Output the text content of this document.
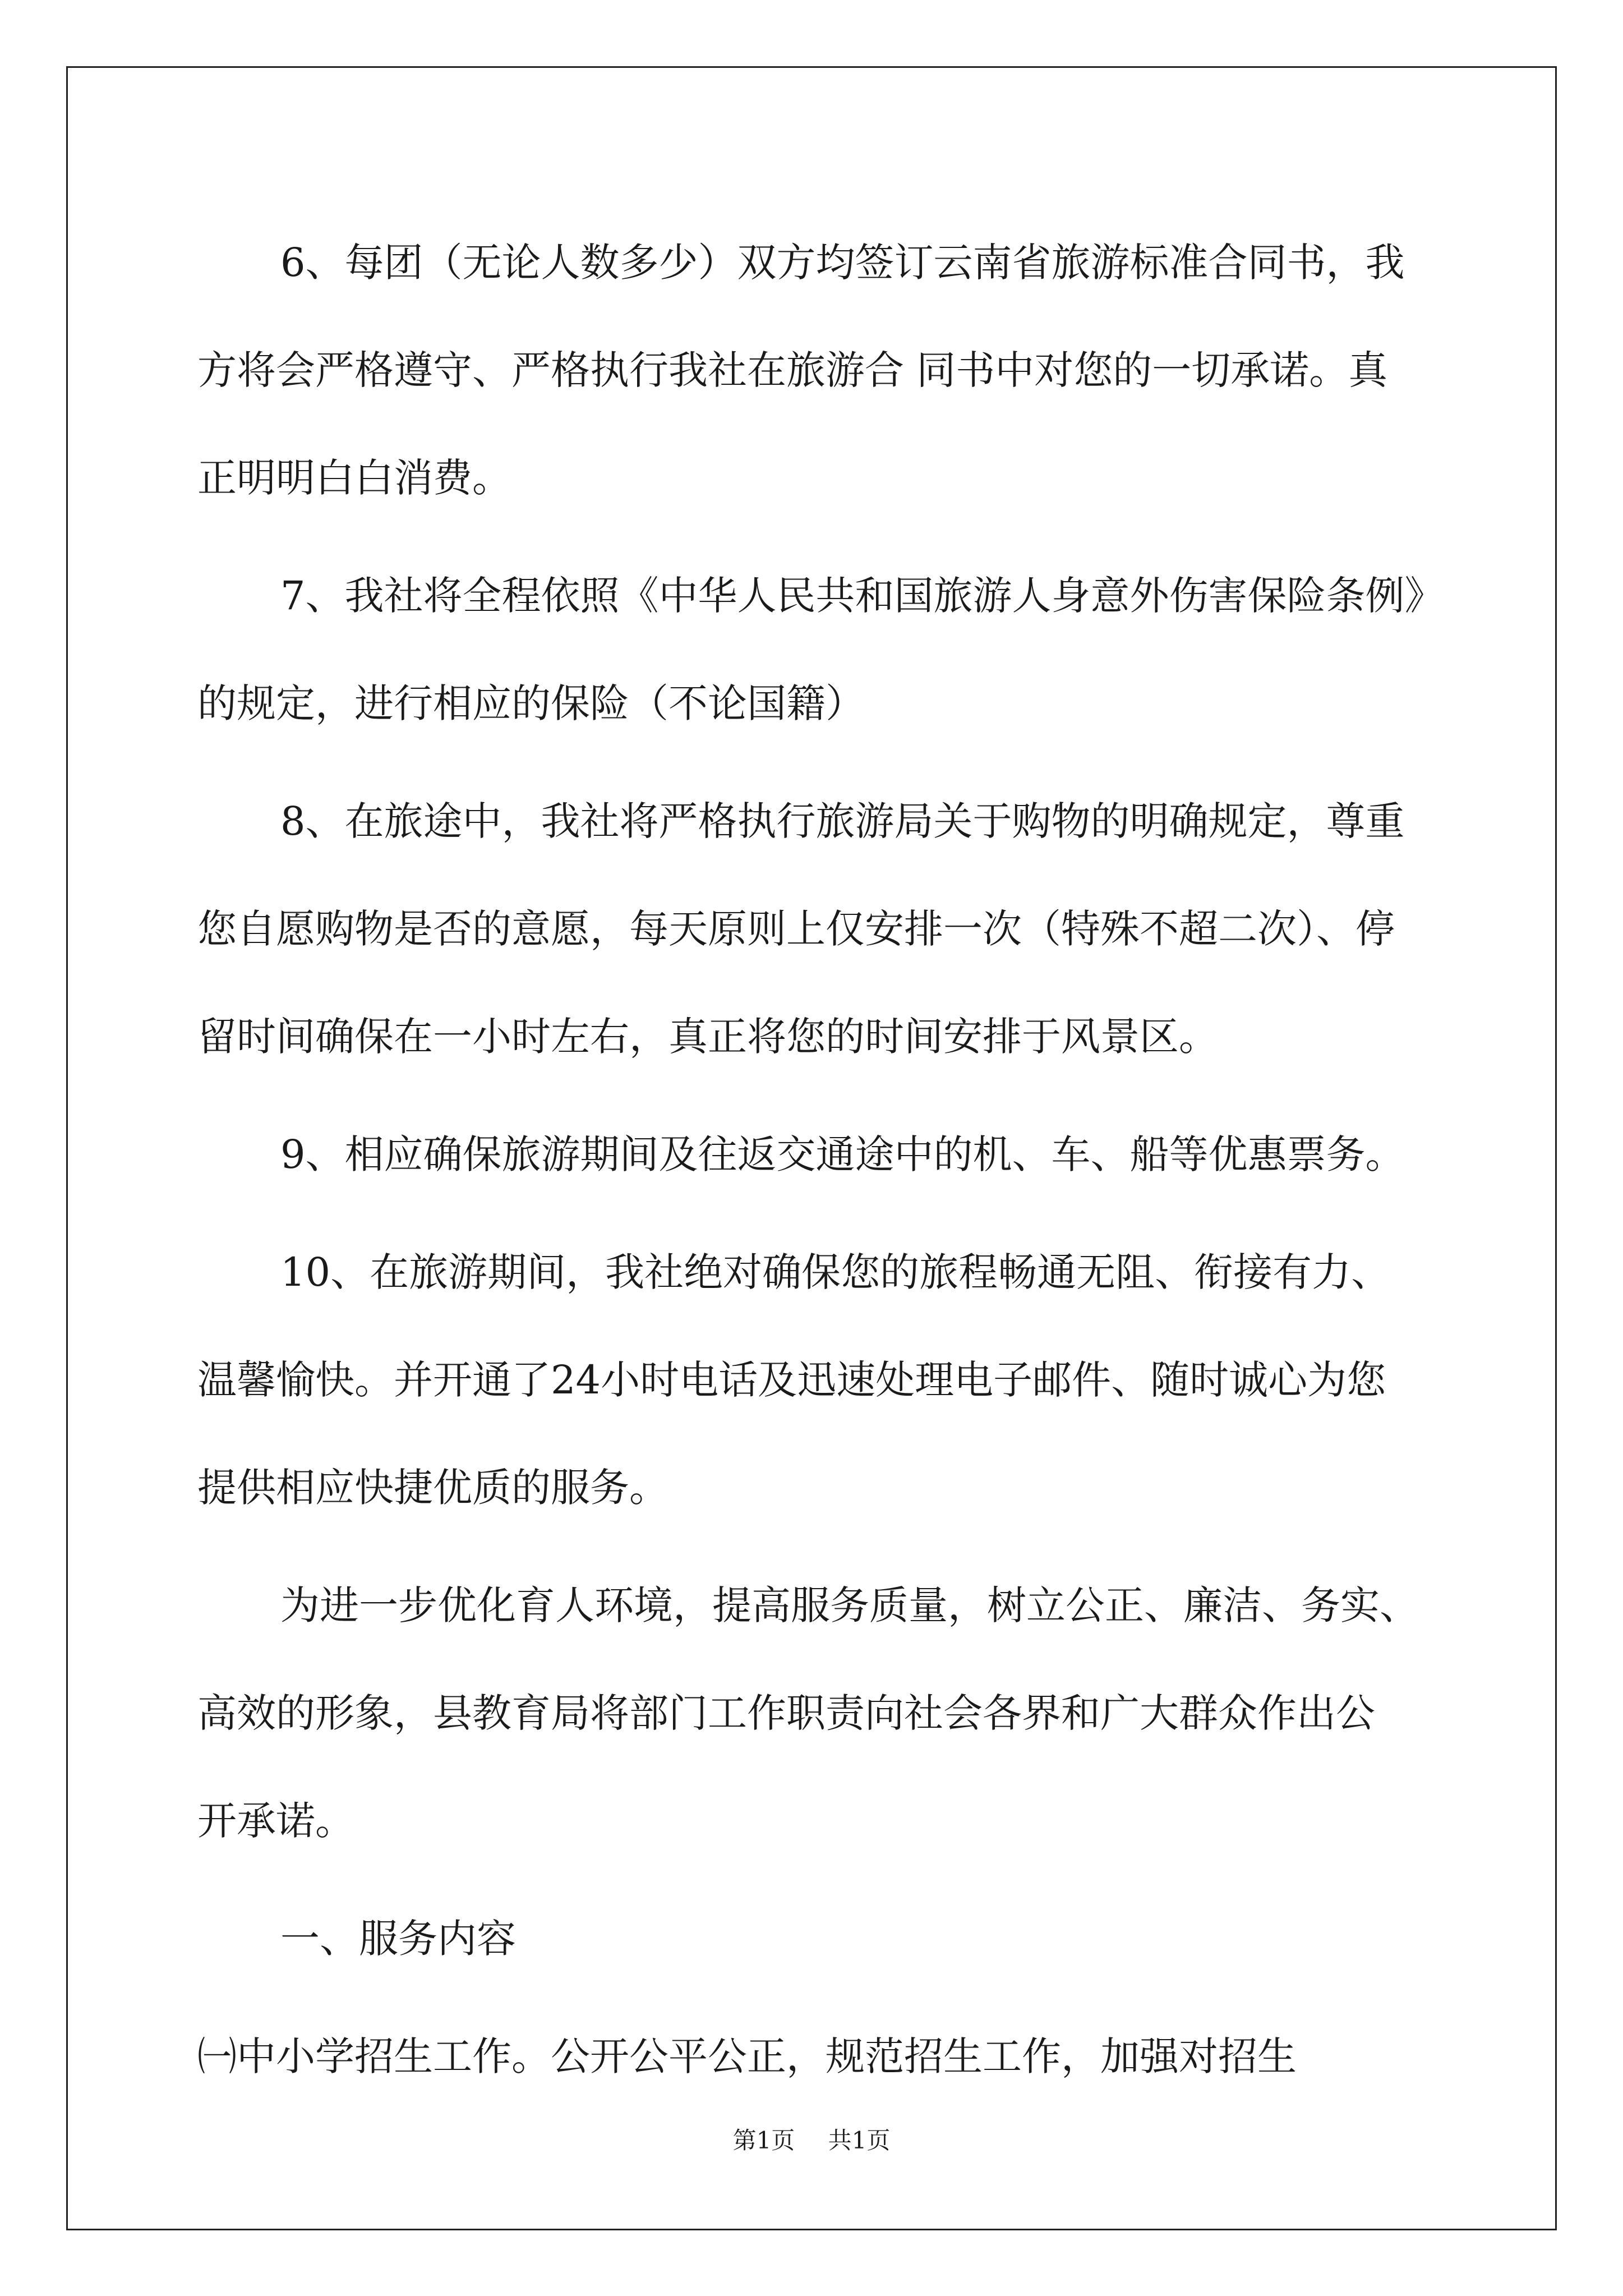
6、每团（无论人数多少）双方均签订云南省旅游标准合同书，我
方将会严格遵守、严格执行我社在旅游合 同书中对您的一切承诺。真
正明明白白消费。

7、我社将全程依照《中华人民共和国旅游人身意外伤害保险条例》
的规定，进行相应的保险（不论国籍）

8、在旅途中，我社将严格执行旅游局关于购物的明确规定，尊重
您自愿购物是否的意愿，每天原则上仅安排一次（特殊不超二次）、停
留时间确保在一小时左右，真正将您的时间安排于风景区。

9、相应确保旅游期间及往返交通途中的机、车、船等优惠票务。

10、在旅游期间，我社绝对确保您的旅程畅通无阻、衔接有力、
温馨愉快。并开通了24小时电话及迅速处理电子邮件、随时诚心为您
提供相应快捷优质的服务。

为进一步优化育人环境，提高服务质量，树立公正、廉洁、务实、
高效的形象，县教育局将部门工作职责向社会各界和广大群众作出公
开承诺。

一、服务内容

㈠中小学招生工作。公开公平公正，规范招生工作，加强对招生

第1页 共1页
